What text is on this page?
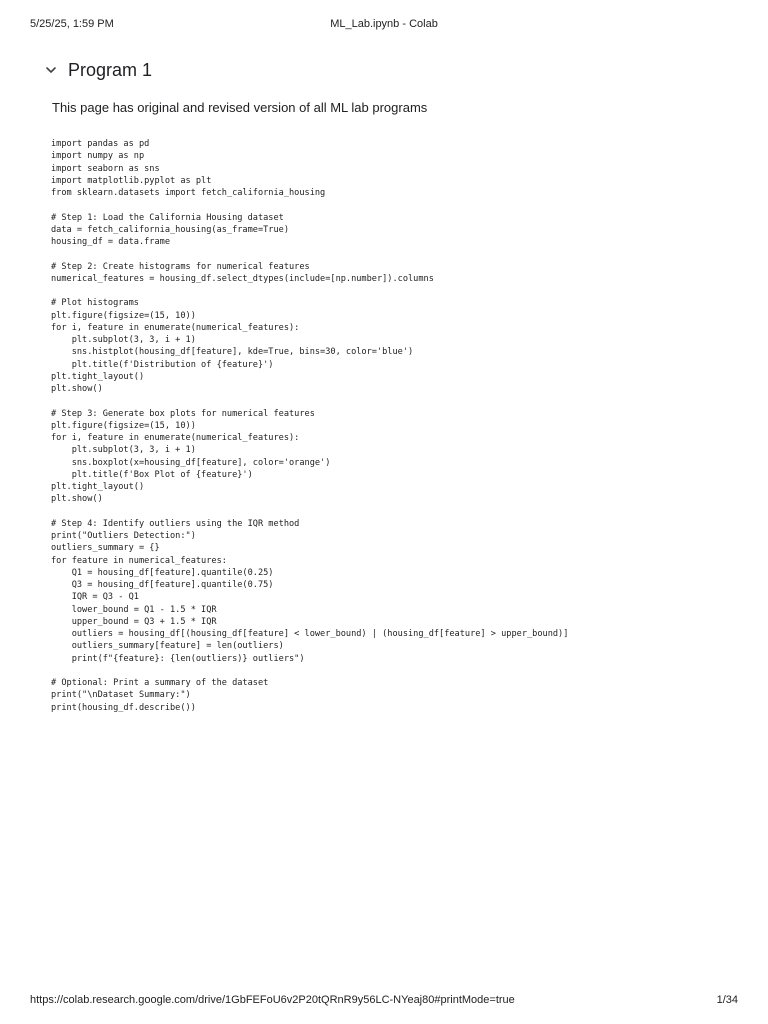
5/25/25, 1:59 PM	ML_Lab.ipynb - Colab
Program 1
This page has original and revised version of all ML lab programs
import pandas as pd
import numpy as np
import seaborn as sns
import matplotlib.pyplot as plt
from sklearn.datasets import fetch_california_housing

# Step 1: Load the California Housing dataset
data = fetch_california_housing(as_frame=True)
housing_df = data.frame

# Step 2: Create histograms for numerical features
numerical_features = housing_df.select_dtypes(include=[np.number]).columns

# Plot histograms
plt.figure(figsize=(15, 10))
for i, feature in enumerate(numerical_features):
plt.subplot(3, 3, i + 1)
sns.histplot(housing_df[feature], kde=True, bins=30, color='blue')
plt.title(f'Distribution of {feature}')
plt.tight_layout()
plt.show()

# Step 3: Generate box plots for numerical features
plt.figure(figsize=(15, 10))
for i, feature in enumerate(numerical_features):
plt.subplot(3, 3, i + 1)
sns.boxplot(x=housing_df[feature], color='orange')
plt.title(f'Box Plot of {feature}')
plt.tight_layout()
plt.show()

# Step 4: Identify outliers using the IQR method
print("Outliers Detection:")
outliers_summary = {}
for feature in numerical_features:
Q1 = housing_df[feature].quantile(0.25)
Q3 = housing_df[feature].quantile(0.75)
IQR = Q3 - Q1
lower_bound = Q1 - 1.5 * IQR
upper_bound = Q3 + 1.5 * IQR
outliers = housing_df[(housing_df[feature] < lower_bound) | (housing_df[feature] > upper_bound)]
outliers_summary[feature] = len(outliers)
print(f"{feature}: {len(outliers)} outliers")

# Optional: Print a summary of the dataset
print("\nDataset Summary:")
print(housing_df.describe())
https://colab.research.google.com/drive/1GbFEFoU6v2P20tQRnR9y56LC-NYeaj80#printMode=true	1/34
